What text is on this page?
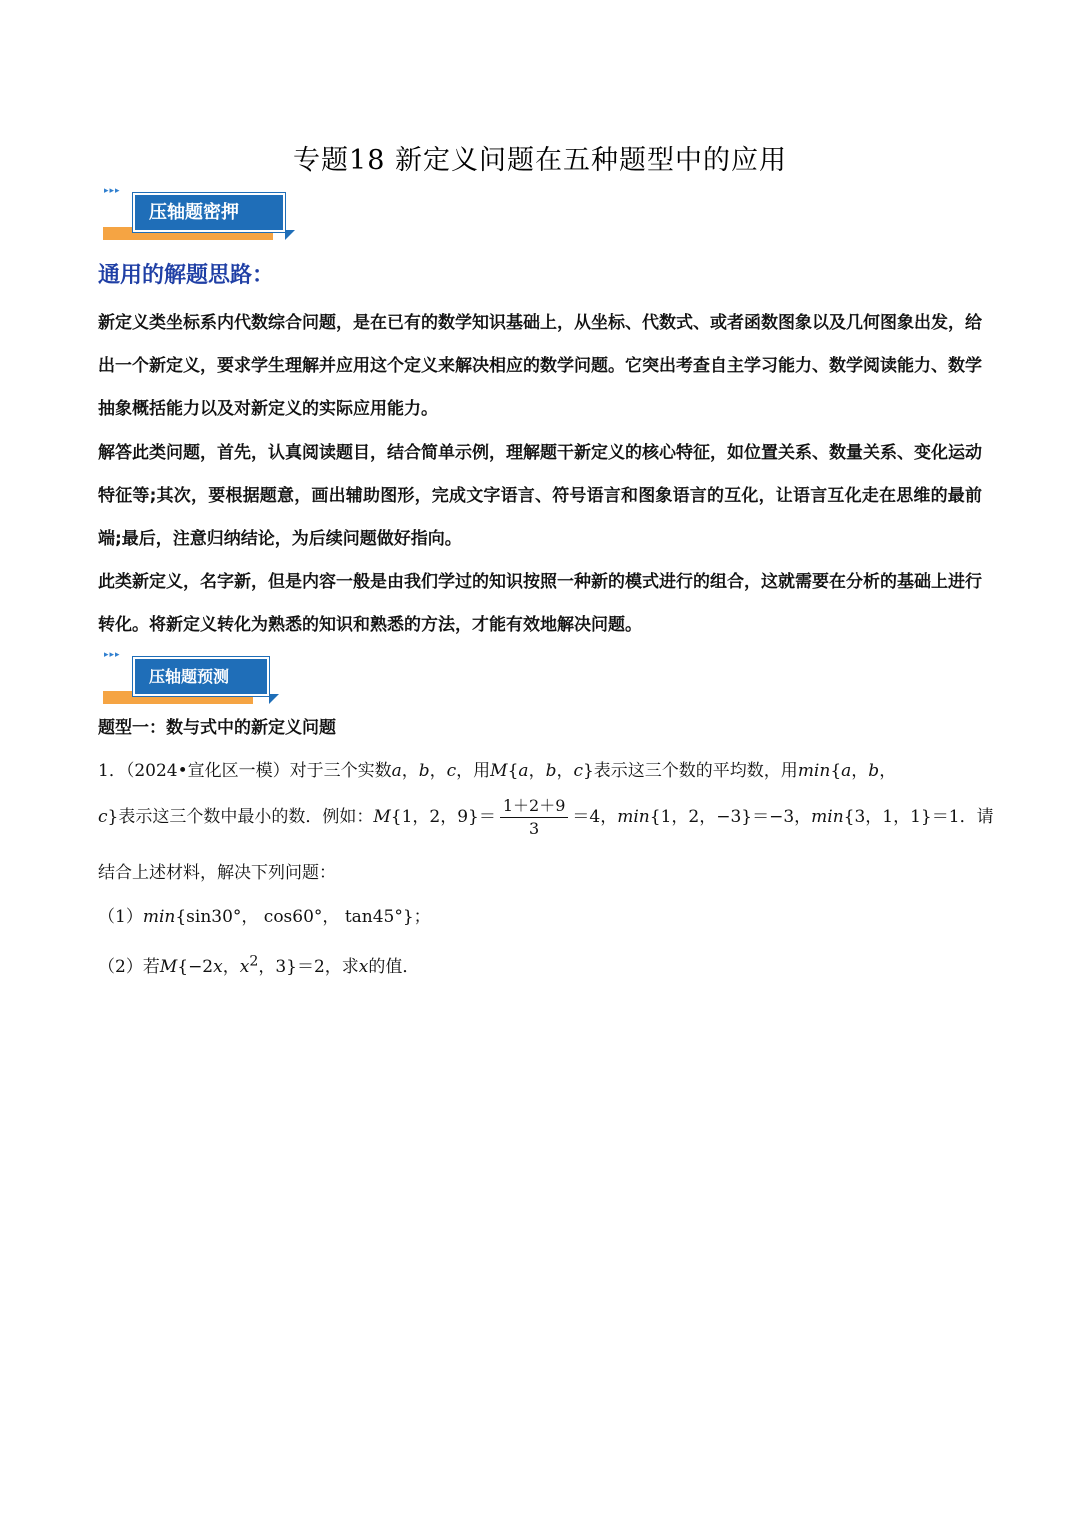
专题18 新定义问题在五种题型中的应用
▸▸▸
压轴题密押
通用的解题思路：

新定义类坐标系内代数综合问题，是在已有的数学知识基础上，从坐标、代数式、或者函数图象以及几何图象出发，给出一个新定义，要求学生理解并应用这个定义来解决相应的数学问题。它突出考查自主学习能力、数学阅读能力、数学抽象概括能力以及对新定义的实际应用能力。

解答此类问题，首先，认真阅读题目，结合简单示例，理解题干新定义的核心特征，如位置关系、数量关系、变化运动特征等;其次，要根据题意，画出辅助图形，完成文字语言、符号语言和图象语言的互化，让语言互化走在思维的最前端;最后，注意归纳结论，为后续问题做好指向。

此类新定义，名字新，但是内容一般是由我们学过的知识按照一种新的模式进行的组合，这就需要在分析的基础上进行转化。将新定义转化为熟悉的知识和熟悉的方法，才能有效地解决问题。

▸▸▸
压轴题预测
题型一：数与式中的新定义问题
1．（2024•宣化区一模）对于三个实数a，b，c，用M{a，b，c}表示这三个数的平均数，用min{a，b，
c}表示这三个数中最小的数．例如：M{1，2，$9\}= \frac{1+2+9}{3} =4$，min{1，2，−3}＝−3，min{3，1，1}＝1．请
结合上述材料，解决下列问题：
（1）min{sin30°， cos60°， tan45°}；
（2）若M{−2x，$x^2$，3}＝2，求x的值．
